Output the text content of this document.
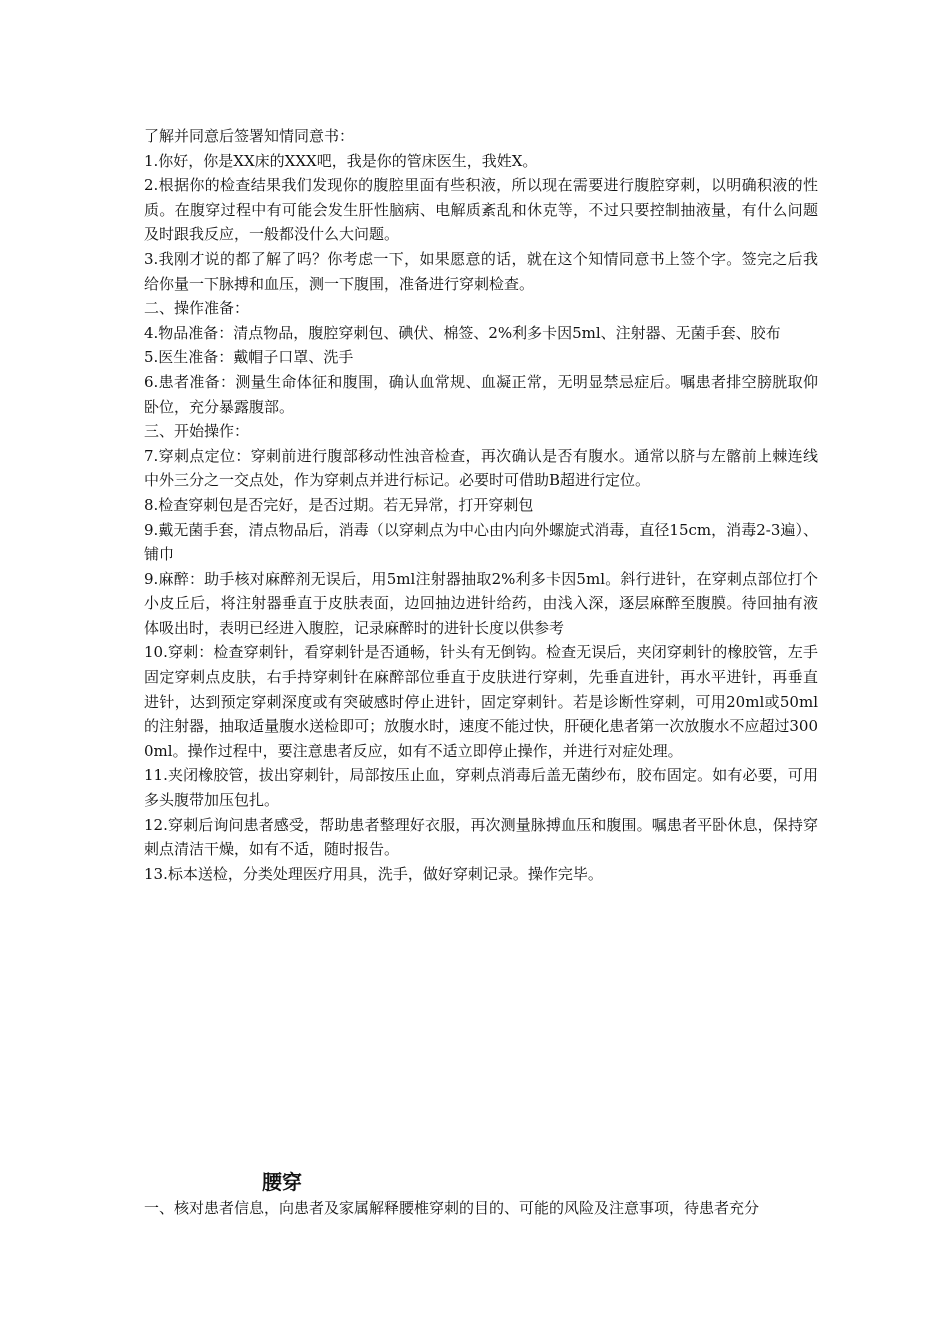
了解并同意后签署知情同意书：

1.你好，你是XX床的XXX吧，我是你的管床医生，我姓X。

2.根据你的检查结果我们发现你的腹腔里面有些积液，所以现在需要进行腹腔穿刺，以明确积液的性质。在腹穿过程中有可能会发生肝性脑病、电解质紊乱和休克等，不过只要控制抽液量，有什么问题及时跟我反应，一般都没什么大问题。

3.我刚才说的都了解了吗？你考虑一下，如果愿意的话，就在这个知情同意书上签个字。签完之后我给你量一下脉搏和血压，测一下腹围，准备进行穿刺检查。

二、操作准备：

4.物品准备：清点物品，腹腔穿刺包、碘伏、棉签、2%利多卡因5ml、注射器、无菌手套、胶布

5.医生准备：戴帽子口罩、洗手

6.患者准备：测量生命体征和腹围，确认血常规、血凝正常，无明显禁忌症后。嘱患者排空膀胱取仰卧位，充分暴露腹部。

三、开始操作：

7.穿刺点定位：穿刺前进行腹部移动性浊音检查，再次确认是否有腹水。通常以脐与左髂前上棘连线中外三分之一交点处，作为穿刺点并进行标记。必要时可借助B超进行定位。

8.检查穿刺包是否完好，是否过期。若无异常，打开穿刺包

9.戴无菌手套，清点物品后，消毒（以穿刺点为中心由内向外螺旋式消毒，直径15cm，消毒2-3遍）、铺巾

9.麻醉：助手核对麻醉剂无误后，用5ml注射器抽取2%利多卡因5ml。斜行进针，在穿刺点部位打个小皮丘后，将注射器垂直于皮肤表面，边回抽边进针给药，由浅入深，逐层麻醉至腹膜。待回抽有液体吸出时，表明已经进入腹腔，记录麻醉时的进针长度以供参考

10.穿刺：检查穿刺针，看穿刺针是否通畅，针头有无倒钩。检查无误后，夹闭穿刺针的橡胶管，左手固定穿刺点皮肤，右手持穿刺针在麻醉部位垂直于皮肤进行穿刺，先垂直进针，再水平进针，再垂直进针，达到预定穿刺深度或有突破感时停止进针，固定穿刺针。若是诊断性穿刺，可用20ml或50ml的注射器，抽取适量腹水送检即可；放腹水时，速度不能过快，肝硬化患者第一次放腹水不应超过3000ml。操作过程中，要注意患者反应，如有不适立即停止操作，并进行对症处理。

11.夹闭橡胶管，拔出穿刺针，局部按压止血，穿刺点消毒后盖无菌纱布，胶布固定。如有必要，可用多头腹带加压包扎。

12.穿刺后询问患者感受，帮助患者整理好衣服，再次测量脉搏血压和腹围。嘱患者平卧休息，保持穿刺点清洁干燥，如有不适，随时报告。

13.标本送检，分类处理医疗用具，洗手，做好穿刺记录。操作完毕。

腰穿

一、核对患者信息，向患者及家属解释腰椎穿刺的目的、可能的风险及注意事项，待患者充分
